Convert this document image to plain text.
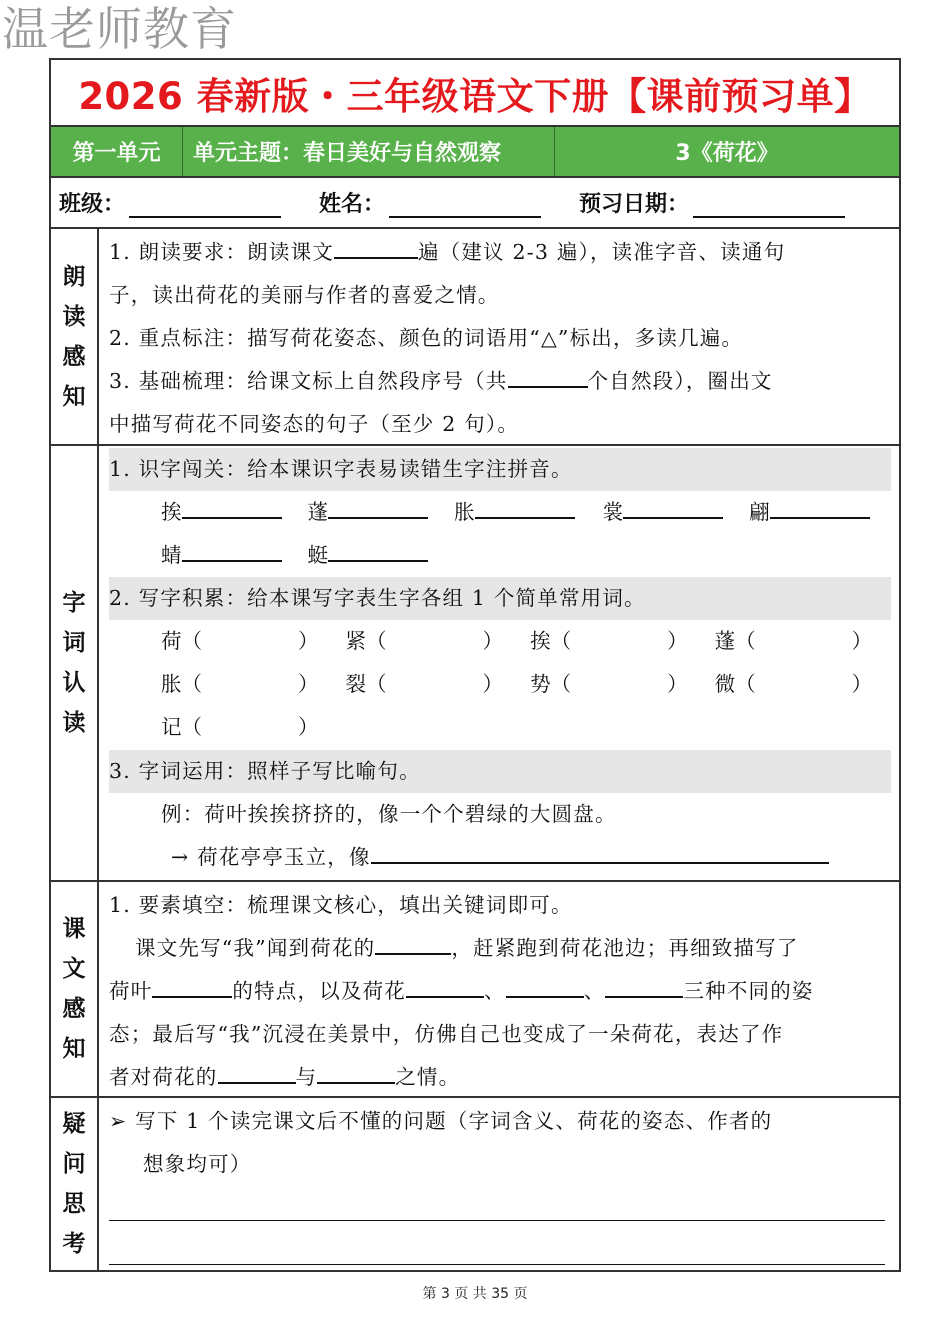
温老师教育
2026 春新版・三年级语文下册【课前预习单】
第一单元	单元主题：春日美好与自然观察	3《荷花》
班级：	姓名：	预习日期：
朗
读
感
知
1. 朗读要求：朗读课文	遍（建议 2-3 遍），读准字音、读通句
子，读出荷花的美丽与作者的喜爱之情。
2. 重点标注：描写荷花姿态、颜色的词语用“△”标出，多读几遍。
3. 基础梳理：给课文标上自然段序号（共	个自然段），圈出文
中描写荷花不同姿态的句子（至少 2 句）。
字
词
认
读
1. 识字闯关：给本课识字表易读错生字注拼音。
挨	蓬	胀	裳	翩
蜻	蜓
2. 写字积累：给本课写字表生字各组 1 个简单常用词。
荷（	） 紧（	） 挨（	） 蓬（	）
胀（	） 裂（	） 势（	） 微（	）
记（	）
3. 字词运用：照样子写比喻句。
例：荷叶挨挨挤挤的，像一个个碧绿的大圆盘。
→ 荷花亭亭玉立，像
课
文
感
知
1. 要素填空：梳理课文核心，填出关键词即可。
课文先写“我”闻到荷花的	，赶紧跑到荷花池边；再细致描写了
荷叶	的特点，以及荷花	、	、	三种不同的姿
态；最后写“我”沉浸在美景中，仿佛自己也变成了一朵荷花，表达了作
者对荷花的	与	之情。
疑
问
思
考
➢ 写下 1 个读完课文后不懂的问题（字词含义、荷花的姿态、作者的
想象均可）
第 3 页 共 35 页
